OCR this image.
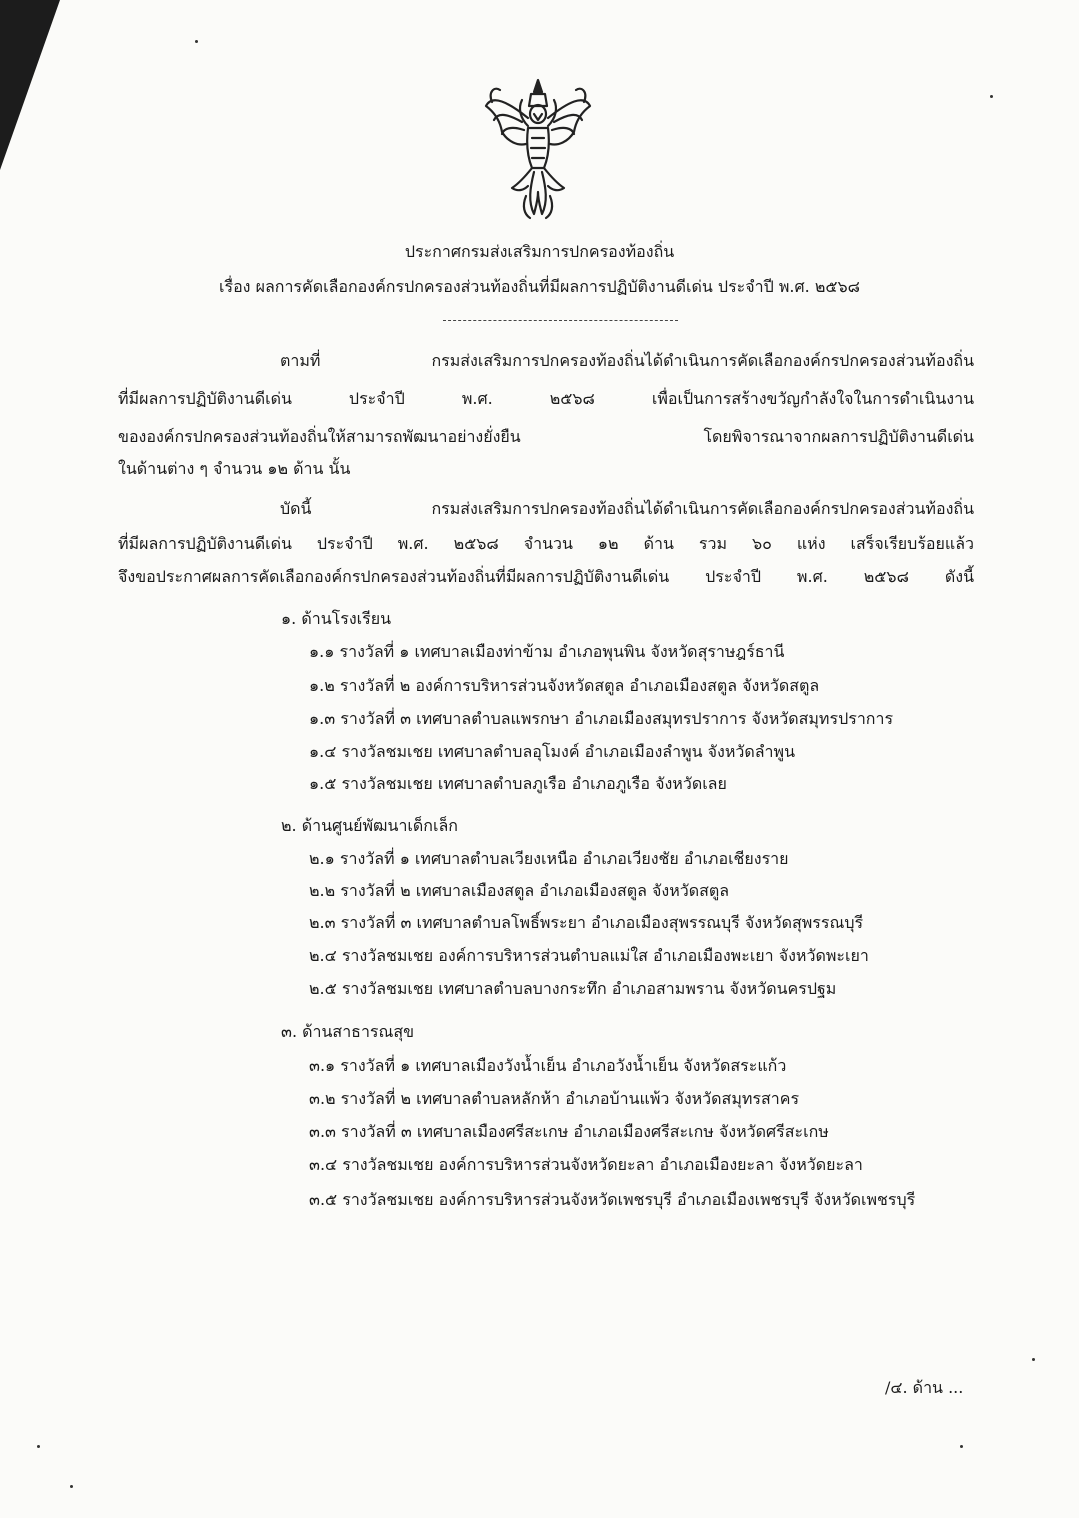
ประกาศกรมส่งเสริมการปกครองท้องถิ่น
เรื่อง ผลการคัดเลือกองค์กรปกครองส่วนท้องถิ่นที่มีผลการปฏิบัติงานดีเด่น ประจำปี พ.ศ. ๒๕๖๘
ตามที่ กรมส่งเสริมการปกครองท้องถิ่นได้ดำเนินการคัดเลือกองค์กรปกครองส่วนท้องถิ่น
ที่มีผลการปฏิบัติงานดีเด่น ประจำปี พ.ศ. ๒๕๖๘ เพื่อเป็นการสร้างขวัญกำลังใจในการดำเนินงาน
ขององค์กรปกครองส่วนท้องถิ่นให้สามารถพัฒนาอย่างยั่งยืน โดยพิจารณาจากผลการปฏิบัติงานดีเด่น
ในด้านต่าง ๆ จำนวน ๑๒ ด้าน นั้น
บัดนี้ กรมส่งเสริมการปกครองท้องถิ่นได้ดำเนินการคัดเลือกองค์กรปกครองส่วนท้องถิ่น
ที่มีผลการปฏิบัติงานดีเด่น ประจำปี พ.ศ. ๒๕๖๘ จำนวน ๑๒ ด้าน รวม ๖๐ แห่ง เสร็จเรียบร้อยแล้ว
จึงขอประกาศผลการคัดเลือกองค์กรปกครองส่วนท้องถิ่นที่มีผลการปฏิบัติงานดีเด่น ประจำปี พ.ศ. ๒๕๖๘ ดังนี้
๑. ด้านโรงเรียน
๑.๑ รางวัลที่ ๑ เทศบาลเมืองท่าข้าม อำเภอพุนพิน จังหวัดสุราษฎร์ธานี
๑.๒ รางวัลที่ ๒ องค์การบริหารส่วนจังหวัดสตูล อำเภอเมืองสตูล จังหวัดสตูล
๑.๓ รางวัลที่ ๓ เทศบาลตำบลแพรกษา อำเภอเมืองสมุทรปราการ จังหวัดสมุทรปราการ
๑.๔ รางวัลชมเชย เทศบาลตำบลอุโมงค์ อำเภอเมืองลำพูน จังหวัดลำพูน
๑.๕ รางวัลชมเชย เทศบาลตำบลภูเรือ อำเภอภูเรือ จังหวัดเลย
๒. ด้านศูนย์พัฒนาเด็กเล็ก
๒.๑ รางวัลที่ ๑ เทศบาลตำบลเวียงเหนือ อำเภอเวียงชัย อำเภอเชียงราย
๒.๒ รางวัลที่ ๒ เทศบาลเมืองสตูล อำเภอเมืองสตูล จังหวัดสตูล
๒.๓ รางวัลที่ ๓ เทศบาลตำบลโพธิ์พระยา อำเภอเมืองสุพรรณบุรี จังหวัดสุพรรณบุรี
๒.๔ รางวัลชมเชย องค์การบริหารส่วนตำบลแม่ใส อำเภอเมืองพะเยา จังหวัดพะเยา
๒.๕ รางวัลชมเชย เทศบาลตำบลบางกระทึก อำเภอสามพราน จังหวัดนครปฐม
๓. ด้านสาธารณสุข
๓.๑ รางวัลที่ ๑ เทศบาลเมืองวังน้ำเย็น อำเภอวังน้ำเย็น จังหวัดสระแก้ว
๓.๒ รางวัลที่ ๒ เทศบาลตำบลหลักห้า อำเภอบ้านแพ้ว จังหวัดสมุทรสาคร
๓.๓ รางวัลที่ ๓ เทศบาลเมืองศรีสะเกษ อำเภอเมืองศรีสะเกษ จังหวัดศรีสะเกษ
๓.๔ รางวัลชมเชย องค์การบริหารส่วนจังหวัดยะลา อำเภอเมืองยะลา จังหวัดยะลา
๓.๕ รางวัลชมเชย องค์การบริหารส่วนจังหวัดเพชรบุรี อำเภอเมืองเพชรบุรี จังหวัดเพชรบุรี
/๔. ด้าน ...
